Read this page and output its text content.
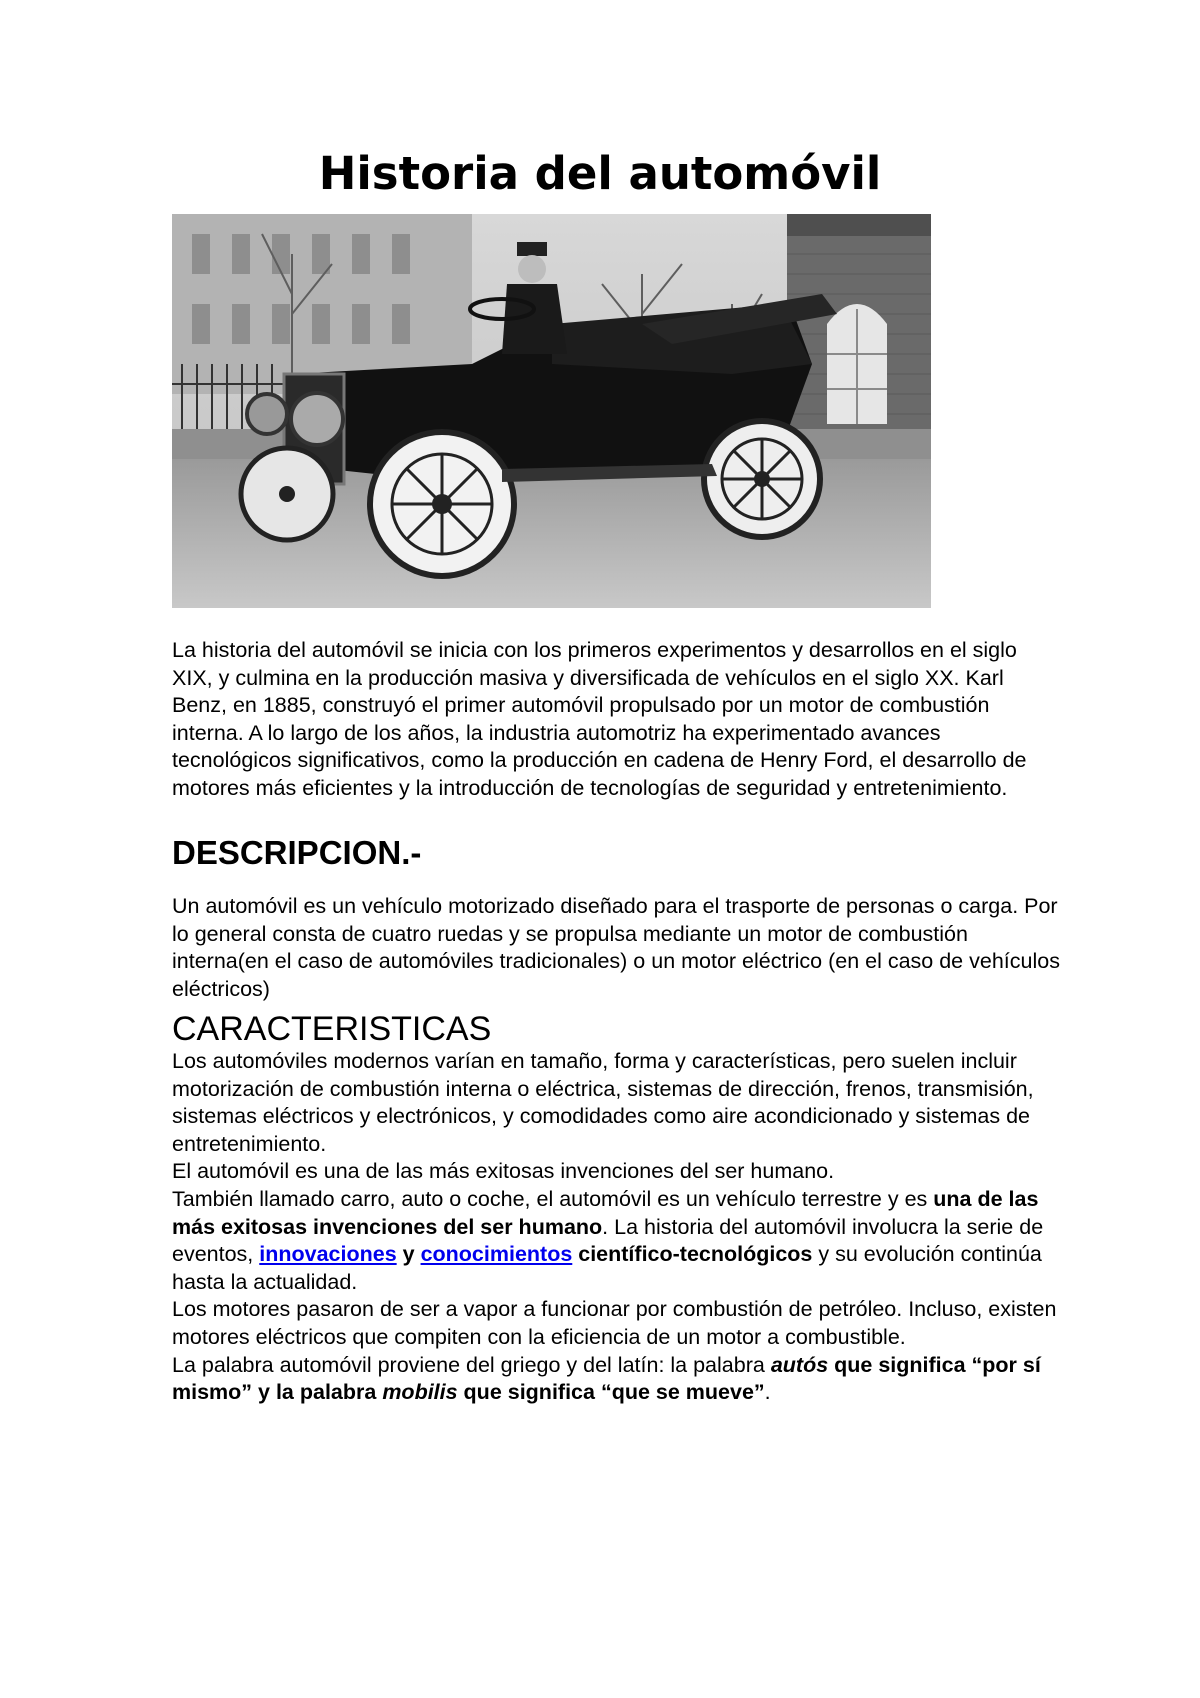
Historia del automóvil

La historia del automóvil se inicia con los primeros experimentos y desarrollos en el siglo XIX, y culmina en la producción masiva y diversificada de vehículos en el siglo XX. Karl Benz, en 1885, construyó el primer automóvil propulsado por un motor de combustión interna. A lo largo de los años, la industria automotriz ha experimentado avances tecnológicos significativos, como la producción en cadena de Henry Ford, el desarrollo de motores más eficientes y la introducción de tecnologías de seguridad y entretenimiento.

DESCRIPCION.-

Un automóvil es un vehículo motorizado diseñado para el trasporte de personas o carga. Por lo general consta de cuatro ruedas y se propulsa mediante un motor de combustión interna(en el caso de automóviles tradicionales) o un motor eléctrico (en el caso de vehículos eléctricos)

CARACTERISTICAS
Los automóviles modernos varían en tamaño, forma y características, pero suelen incluir motorización de combustión interna o eléctrica, sistemas de dirección, frenos, transmisión, sistemas eléctricos y electrónicos, y comodidades como aire acondicionado y sistemas de entretenimiento.
El automóvil es una de las más exitosas invenciones del ser humano.
También llamado carro, auto o coche, el automóvil es un vehículo terrestre y es una de las más exitosas invenciones del ser humano. La historia del automóvil involucra la serie de eventos, innovaciones y conocimientos científico-tecnológicos y su evolución continúa hasta la actualidad.
Los motores pasaron de ser a vapor a funcionar por combustión de petróleo. Incluso, existen motores eléctricos que compiten con la eficiencia de un motor a combustible.
La palabra automóvil proviene del griego y del latín: la palabra autós que significa “por sí mismo” y la palabra mobilis que significa “que se mueve”.
